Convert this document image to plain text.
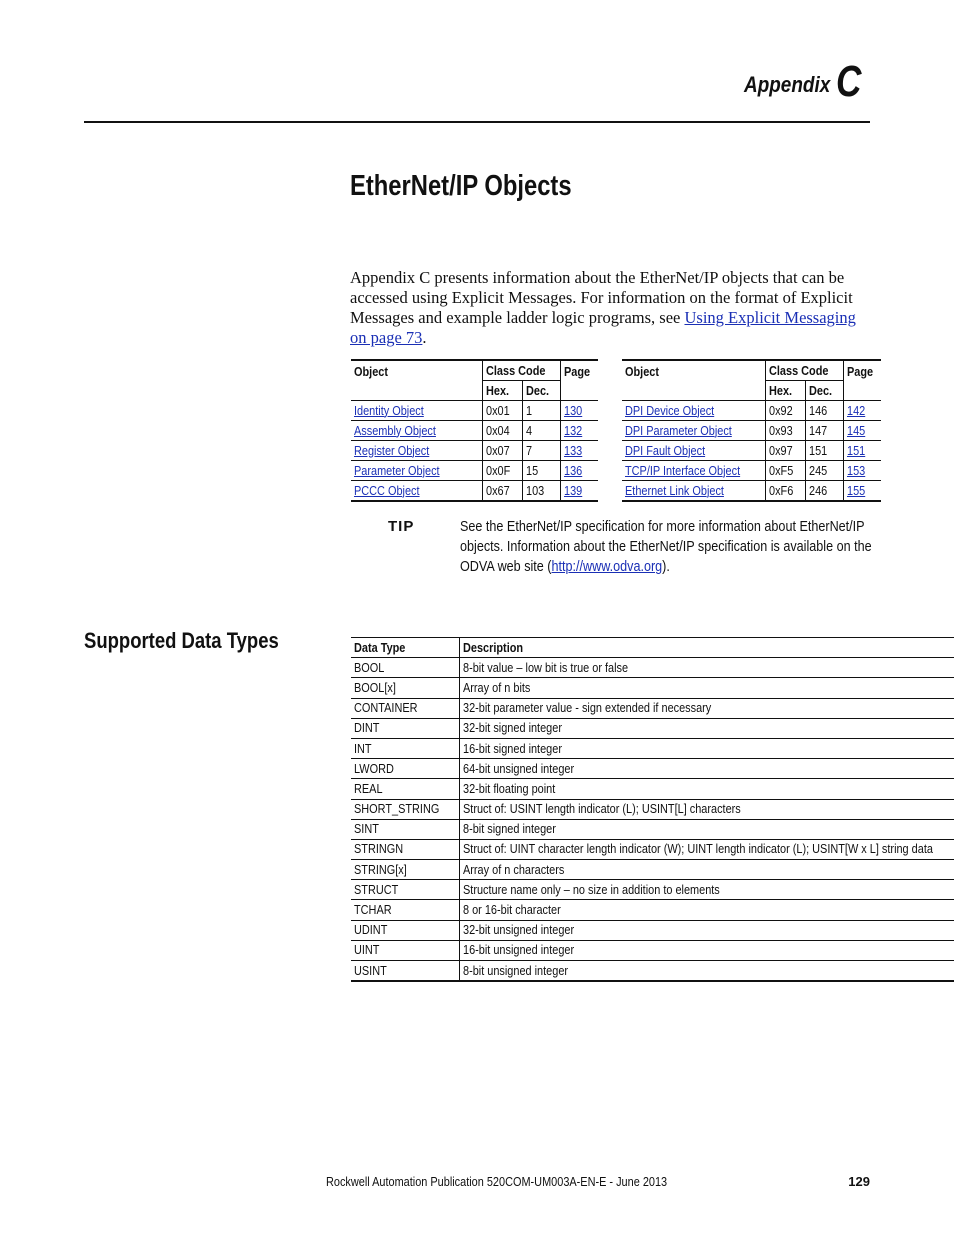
Appendix C
EtherNet/IP Objects
Appendix C presents information about the EtherNet/IP objects that can be accessed using Explicit Messages. For information on the format of Explicit Messages and example ladder logic programs, see Using Explicit Messaging on page 73.
Object	Class Code		Page
	Hex.	Dec.	
Identity Object	0x01	1	130
Assembly Object	0x04	4	132
Register Object	0x07	7	133
Parameter Object	0x0F	15	136
PCCC Object	0x67	103	139
Object	Class Code		Page
	Hex.	Dec.	
DPI Device Object	0x92	146	142
DPI Parameter Object	0x93	147	145
DPI Fault Object	0x97	151	151
TCP/IP Interface Object	0xF5	245	153
Ethernet Link Object	0xF6	246	155
TIP	See the EtherNet/IP specification for more information about EtherNet/IP
objects. Information about the EtherNet/IP specification is available on the
ODVA web site (http://www.odva.org).
Supported Data Types	Data Type	Description
BOOL	8-bit value – low bit is true or false
BOOL[x]	Array of n bits
CONTAINER	32-bit parameter value - sign extended if necessary
DINT	32-bit signed integer
INT	16-bit signed integer
LWORD	64-bit unsigned integer
REAL	32-bit floating point
SHORT_STRING	Struct of: USINT length indicator (L); USINT[L] characters
SINT	8-bit signed integer
STRINGN	Struct of: UINT character length indicator (W); UINT length indicator (L); USINT[W x L] string data
STRING[x]	Array of n characters
STRUCT	Structure name only – no size in addition to elements
TCHAR	8 or 16-bit character
UDINT	32-bit unsigned integer
UINT	16-bit unsigned integer
USINT	8-bit unsigned integer
Rockwell Automation Publication 520COM-UM003A-EN-E - June 2013	129
